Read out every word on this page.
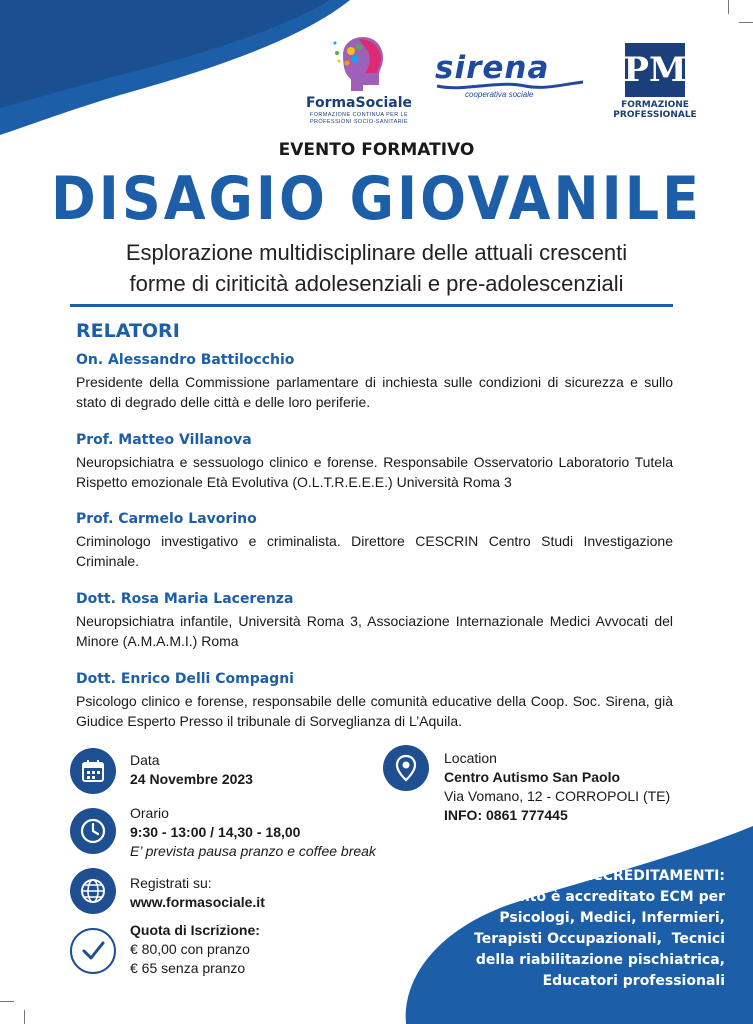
FormaSociale
FORMAZIONE CONTINUA PER LE PROFESSIONI SOCIO-SANITARIE
sirena
cooperativa sociale
PM
FORMAZIONE
PROFESSIONALE
EVENTO FORMATIVO
DISAGIO GIOVANILE
Esplorazione multidisciplinare delle attuali crescenti
forme di ciriticità adolesenziali e pre-adolescenziali
RELATORI
On. Alessandro Battilocchio
Presidente della Commissione parlamentare di inchiesta sulle condizioni di sicurezza e sullo stato di degrado delle città e delle loro periferie.
Prof. Matteo Villanova
Neuropsichiatra e sessuologo clinico e forense. Responsabile Osservatorio Laboratorio Tutela Rispetto emozionale Età Evolutiva (O.L.T.R.E.E.E.) Università Roma 3
Prof. Carmelo Lavorino
Criminologo investigativo e criminalista. Direttore CESCRIN Centro Studi Investigazione Criminale.
Dott. Rosa Maria Lacerenza
Neuropsichiatra infantile, Università Roma 3, Associazione Internazionale Medici Avvocati del Minore (A.M.A.M.I.) Roma
Dott. Enrico Delli Compagni
Psicologo clinico e forense, responsabile delle comunità educative della Coop. Soc. Sirena, già Giudice Esperto Presso il tribunale di Sorveglianza di L’Aquila.
Data
24 Novembre 2023
Orario
9:30 - 13:00 / 14,30 - 18,00
E’ prevista pausa pranzo e coffee break
Registrati su:
www.formasociale.it
Quota di Iscrizione:
€ 80,00 con pranzo
€ 65 senza pranzo
Location
Centro Autismo San Paolo
Via Vomano, 12 - CORROPOLI (TE)
INFO: 0861 777445
ACCREDITAMENTI:
L’evento è accreditato ECM per
Psicologi, Medici, Infermieri,
Terapisti Occupazionali,  Tecnici
della riabilitazione pischiatrica,
Educatori professionali
